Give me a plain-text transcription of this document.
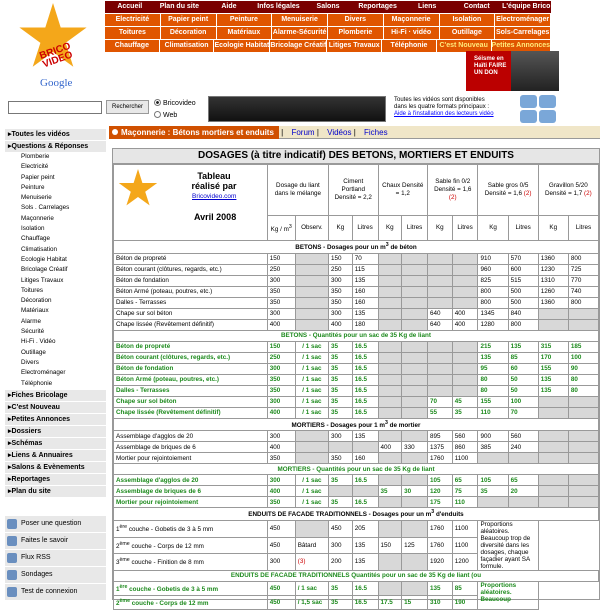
BRICO VIDEO
Google
Accueil	Plan du site	Aide	Infos légales	Salons	Reportages	Liens	Contact	L'équipe Brico
Electricité	Papier peint	Peinture	Menuiserie	Divers	Maçonnerie	Isolation	Electroménager
Toitures	Décoration	Matériaux	Alarme-Sécurité	Plomberie	Hi-Fi · vidéo	Outillage	Sols-Carrelages
Chauffage	Climatisation Ecologie Habitat Bricolage Créatif Litiges Travaux	Téléphonie	C'est Nouveau Petites Annonces
Séisme en Haïti FAIRE UN DON
Rechercher	Bricovideo
Web
Toutes les vidéos sont disponibles
dans les quatre formats principaux :
Aide à l'installation des lecteurs vidéo
▸ Toutes les vidéos
▸ Questions & Réponses
Plomberie
Electricité
Papier peint
Peinture
Menuiserie
Sols . Carrelages
Maçonnerie
Isolation
Chauffage
Climatisation
Ecologie Habitat
Bricolage Créatif
Litiges Travaux
Toitures
Décoration
Matériaux
Alarme
Sécurité
Hi-Fi . Vidéo
Outillage
Divers
Electroménager
Téléphonie
▸ Fiches Bricolage
▸ C'est Nouveau
▸ Petites Annonces
▸ Dossiers
▸ Schémas
▸ Liens & Annuaires
▸ Salons & Evènements
▸ Reportages
▸ Plan du site
Poser une question
Faites le savoir
Flux RSS
Sondages
Test de connexion
Maçonnerie : Bétons mortiers et enduits | Forum | Vidéos | Fiches
DOSAGES (à titre indicatif) DES BETONS, MORTIERS ET ENDUITS
Tableau réalisé par
Bricovideo.com
Avril 2008	Dosage du liant dans le mélange		Ciment Portland Densité = 2,2		Chaux Densité = 1,2		Sable fin 0/2 Densité = 1,6 (2)		Sable gros 0/5 Densité = 1,6 (2)		Gravillon 5/20 Densité = 1,7 (2)	
	Kg / $m^3$	Observ.	Kg	Litres	Kg	Litres	Kg	Litres	Kg	Litres	Kg	Litres
BETONS - Dosages pour un $m^3$ de béton												
Béton de propreté	150		150	70					910	570	1360	800
Béton courant (clôtures, regards, etc.)	250		250	115					960	600	1230	725
Béton de fondation	300		300	135					825	515	1310	770
Béton Armé (poteau, poutres, etc.)	350		350	160					800	500	1260	740
Dalles - Terrasses	350		350	160					800	500	1360	800
Chape sur sol béton	300		300	135			640	400	1345	840		
Chape lissée (Revêtement définitif)	400		400	180			640	400	1280	800		
BETONS - Quantités pour un sac de 35 Kg de liant												
Béton de propreté	150	/ 1 sac	35	16.5					215	135	315	185
Béton courant (clôtures, regards, etc.)	250	/ 1 sac	35	16.5					135	85	170	100
Béton de fondation	300	/ 1 sac	35	16.5					95	60	155	90
Béton Armé (poteau, poutres, etc.)	350	/ 1 sac	35	16.5					80	50	135	80
Dalles - Terrasses	350	/ 1 sac	35	16.5					80	50	135	80
Chape sur sol béton	300	/ 1 sac	35	16.5			70	45	155	100		
Chape lissée (Revêtement définitif)	400	/ 1 sac	35	16.5			55	35	110	70		
MORTIERS - Dosages pour 1 $m^3$ de mortier												
Assemblage d'agglos de 20	300		300	135			895	560	900	560		
Assemblage de briques de 6	400				400	330	1375	860	385	240		
Mortier pour rejointoiement	350		350	160			1760	1100				
MORTIERS - Quantités pour un sac de 35 Kg de liant												
Assemblage d'agglos de 20	300	/ 1 sac	35	16.5			105	65	105	65		
Assemblage de briques de 6	400	/ 1 sac			35	30	120	75	35	20		
Mortier pour rejointoiement	350	/ 1 sac	35	16.5			175	110				
ENDUITS DE FACADE TRADITIONNELS - Dosages pour un $m^3$ d'enduits												
1ère couche - Gobetis de 3 à 5 mm	450		450	205			1760	1100	Proportions aléatoires. Beaucoup trop de diversité dans les dosages, chaque façadier ayant SA formule.			
2ème couche - Corps de 12 mm	450	Bâtard	300	135	150	125	1760	1100				
3ème couche - Finition de 8 mm	300	(3)	200	135			1920	1200				
ENDUITS DE FACADE TRADITIONNELS Quantités pour un sac de 35 Kg de liant (ou												
1ère couche - Gobetis de 3 à 5 mm	450	/ 1 sac	35	16.5			135	85	Proportions aléatoires. Beaucoup			
2ème couche - Corps de 12 mm	450	/ 1,5 sac	35	16.5	17.5	15	310	190				
